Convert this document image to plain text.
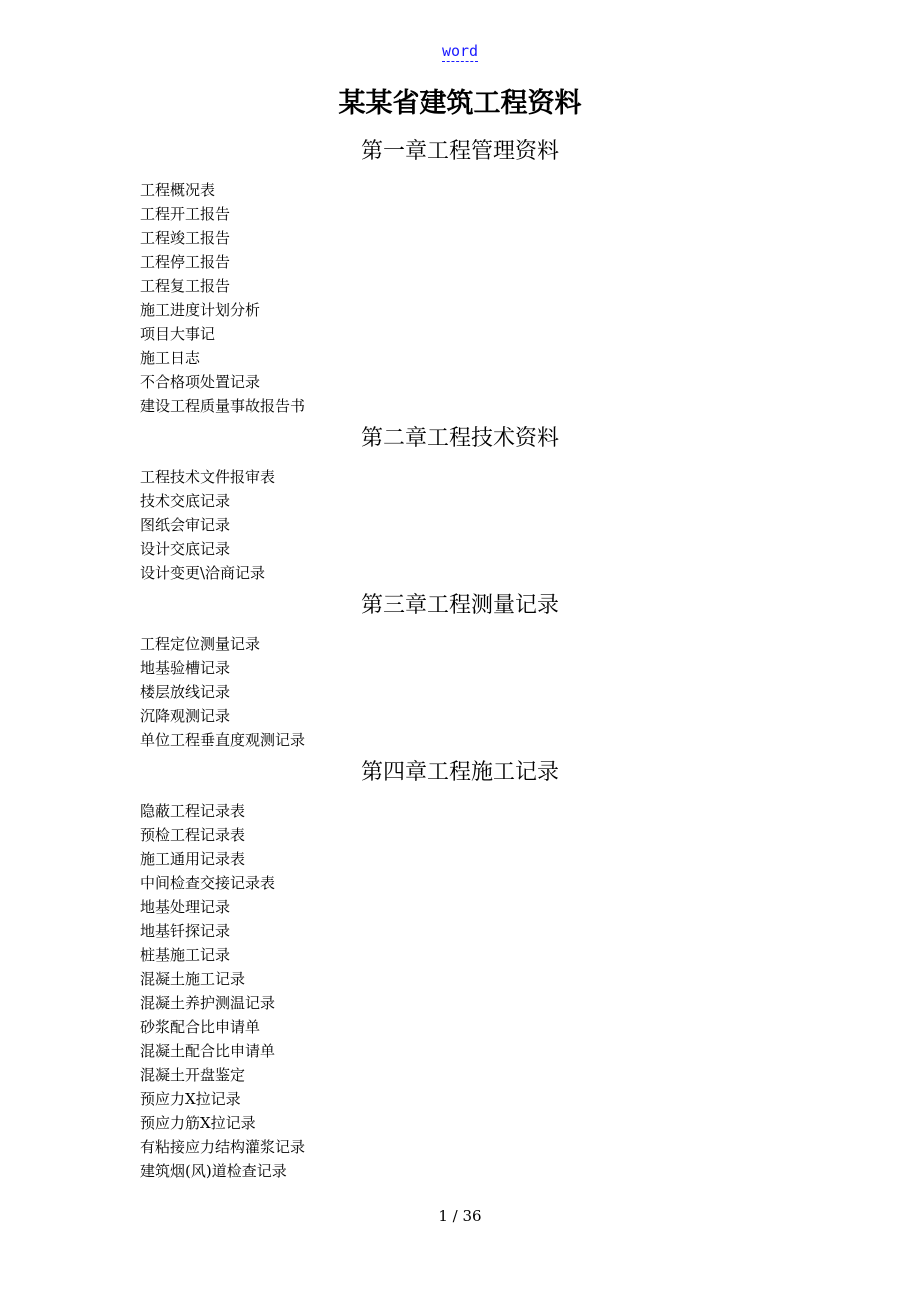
word
某某省建筑工程资料
第一章工程管理资料
工程概况表
工程开工报告
工程竣工报告
工程停工报告
工程复工报告
施工进度计划分析
项目大事记
施工日志
不合格项处置记录
建设工程质量事故报告书
第二章工程技术资料
工程技术文件报审表
技术交底记录
图纸会审记录
设计交底记录
设计变更\洽商记录
第三章工程测量记录
工程定位测量记录
地基验槽记录
楼层放线记录
沉降观测记录
单位工程垂直度观测记录
第四章工程施工记录
隐蔽工程记录表
预检工程记录表
施工通用记录表
中间检查交接记录表
地基处理记录
地基钎探记录
桩基施工记录
混凝土施工记录
混凝土养护测温记录
砂浆配合比申请单
混凝土配合比申请单
混凝土开盘鉴定
预应力X拉记录
预应力筋X拉记录
有粘接应力结构灌浆记录
建筑烟(风)道检查记录
1 / 36
